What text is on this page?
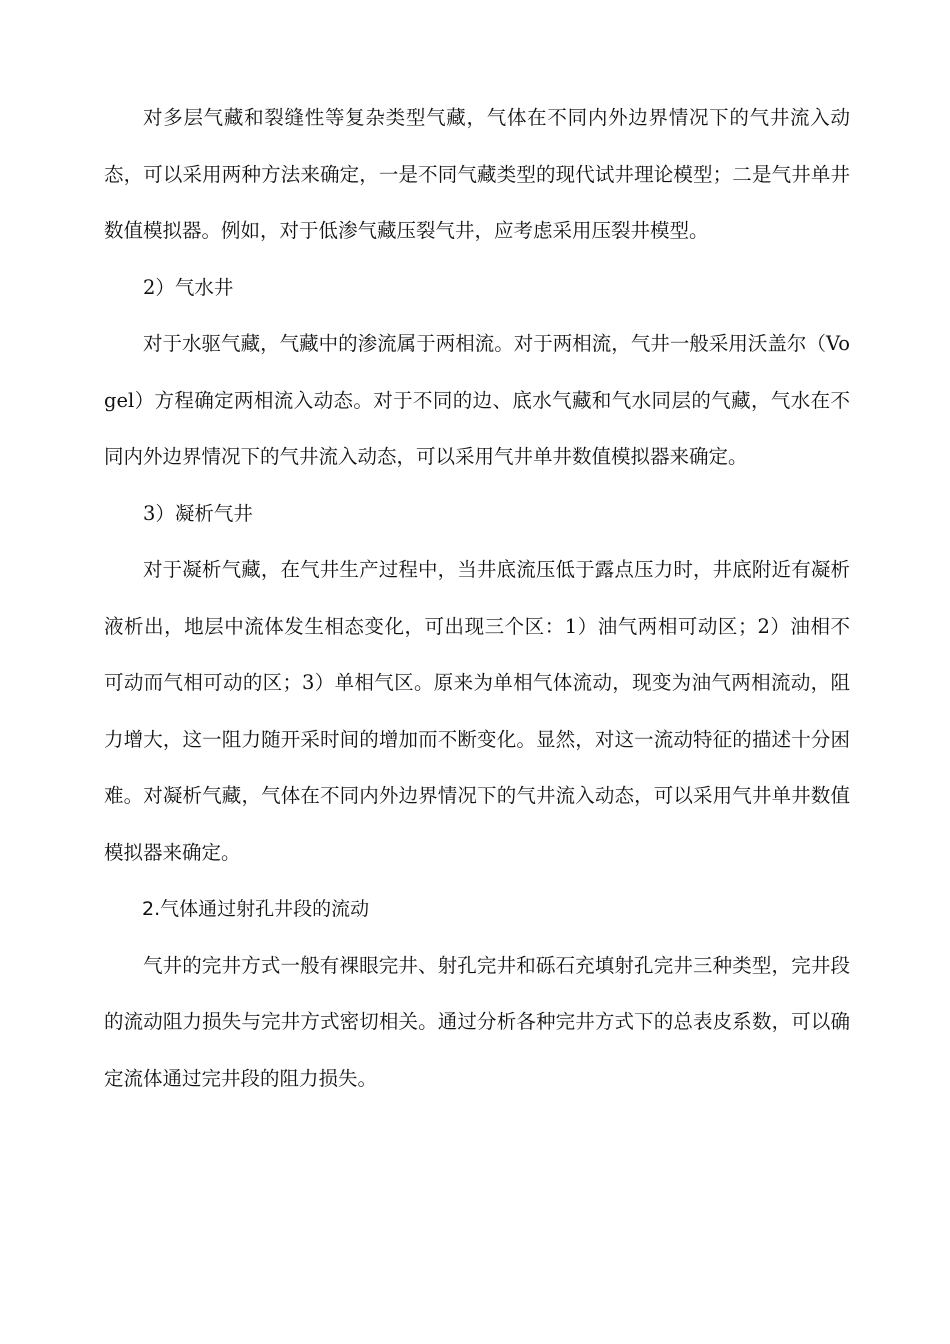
对多层气藏和裂缝性等复杂类型气藏，气体在不同内外边界情况下的气井流入动态，可以采用两种方法来确定，一是不同气藏类型的现代试井理论模型；二是气井单井数值模拟器。例如，对于低渗气藏压裂气井，应考虑采用压裂井模型。

2）气水井

对于水驱气藏，气藏中的渗流属于两相流。对于两相流，气井一般采用沃盖尔（Vogel）方程确定两相流入动态。对于不同的边、底水气藏和气水同层的气藏，气水在不同内外边界情况下的气井流入动态，可以采用气井单井数值模拟器来确定。

3）凝析气井

对于凝析气藏，在气井生产过程中，当井底流压低于露点压力时，井底附近有凝析液析出，地层中流体发生相态变化，可出现三个区：1）油气两相可动区；2）油相不可动而气相可动的区；3）单相气区。原来为单相气体流动，现变为油气两相流动，阻力增大，这一阻力随开采时间的增加而不断变化。显然，对这一流动特征的描述十分困难。对凝析气藏，气体在不同内外边界情况下的气井流入动态，可以采用气井单井数值模拟器来确定。

2.气体通过射孔井段的流动

气井的完井方式一般有裸眼完井、射孔完井和砾石充填射孔完井三种类型，完井段的流动阻力损失与完井方式密切相关。通过分析各种完井方式下的总表皮系数，可以确定流体通过完井段的阻力损失。
